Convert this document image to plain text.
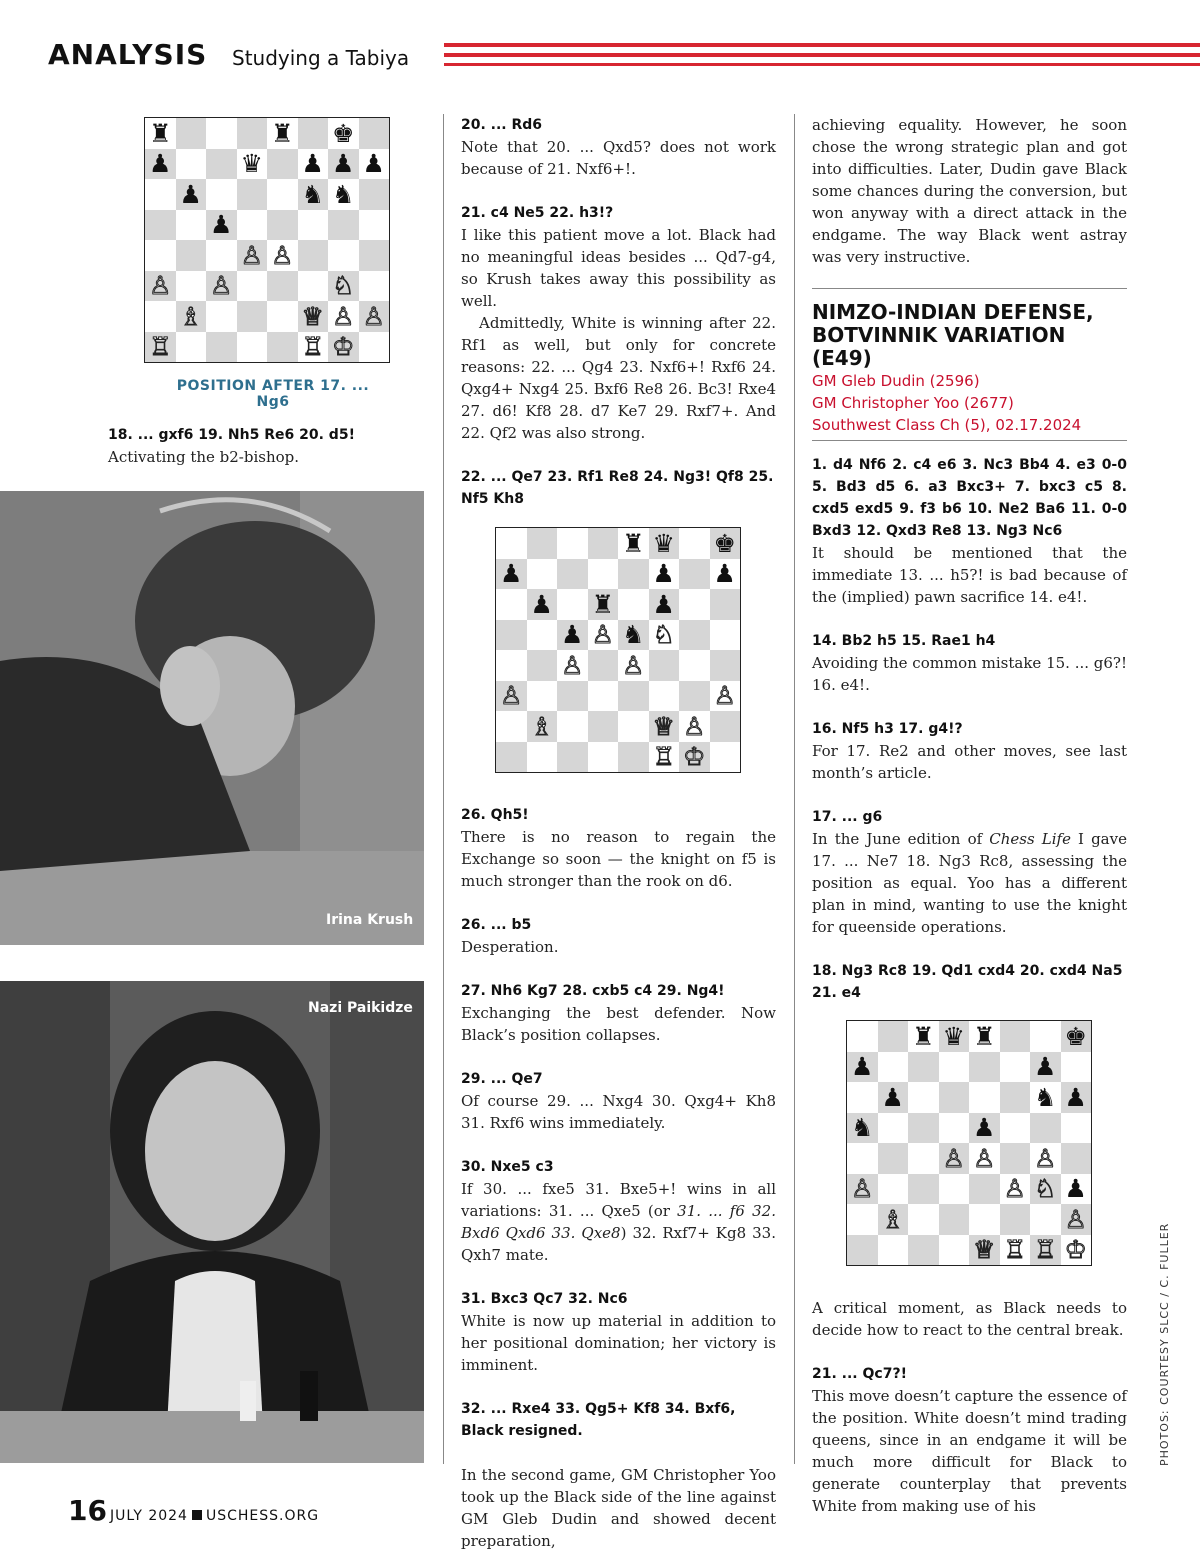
ANALYSIS Studying a Tabiya
♜	♜ ♚
♟	♛ ♟ ♟ ♟
♟	♞ ♞
♟
♙ ♙
♙ ♙	♘
♗	♕ ♙ ♙
♖	♖ ♔
POSITION AFTER 17. ... Ng6
18. ... gxf6 19. Nh5 Re6 20. d5!
Activating the b2-bishop.
Irina Krush
Nazi Paikidze

20. ... Rd6
Note that 20. ... Qxd5? does not work because of 21. Nxf6+!.

21. c4 Ne5 22. h3!?
I like this patient move a lot. Black had no meaningful ideas besides ... Qd7-g4, so Krush takes away this possibility as well.

Admittedly, White is winning after 22. Rf1 as well, but only for concrete reasons: 22. ... Qg4 23. Nxf6+! Rxf6 24. Qxg4+ Nxg4 25. Bxf6 Re8 26. Bc3! Rxe4 27. d6! Kf8 28. d7 Ke7 29. Rxf7+. And 22. Qf2 was also strong.

22. ... Qe7 23. Rf1 Re8 24. Ng3! Qf8 25. Nf5 Kh8

♜ ♛ ♚
♟	♟ ♟
♟ ♜ ♟
♟ ♙ ♞ ♘
♙ ♙
♙	♙
♗	♕ ♙
♖ ♔

26. Qh5!
There is no reason to regain the Exchange so soon — the knight on f5 is much stronger than the rook on d6.

26. ... b5
Desperation.

27. Nh6 Kg7 28. cxb5 c4 29. Ng4!
Exchanging the best defender. Now Black’s position collapses.

29. ... Qe7
Of course 29. ... Nxg4 30. Qxg4+ Kh8 31. Rxf6 wins immediately.

30. Nxe5 c3
If 30. ... fxe5 31. Bxe5+! wins in all variations: 31. ... Qxe5 (or 31. ... f6 32. Bxd6 Qxd6 33. Qxe8) 32. Rxf7+ Kg8 33. Qxh7 mate.

31. Bxc3 Qc7 32. Nc6
White is now up material in addition to her positional domination; her victory is imminent.

32. ... Rxe4 33. Qg5+ Kf8 34. Bxf6, Black resigned.

In the second game, GM Christopher Yoo took up the Black side of the line against GM Gleb Dudin and showed decent preparation,

achieving equality. However, he soon chose the wrong strategic plan and got into difficulties. Later, Dudin gave Black some chances during the conversion, but won anyway with a direct attack in the endgame. The way Black went astray was very instructive.

NIMZO-INDIAN DEFENSE,
BOTVINNIK VARIATION (E49)
GM Gleb Dudin (2596)
GM Christopher Yoo (2677)
Southwest Class Ch (5), 02.17.2024

1. d4 Nf6 2. c4 e6 3. Nc3 Bb4 4. e3 0-0 5. Bd3 d5 6. a3 Bxc3+ 7. bxc3 c5 8. cxd5 exd5 9. f3 b6 10. Ne2 Ba6 11. 0-0 Bxd3 12. Qxd3 Re8 13. Ng3 Nc6
It should be mentioned that the immediate 13. ... h5?! is bad because of the (implied) pawn sacrifice 14. e4!.

14. Bb2 h5 15. Rae1 h4
Avoiding the common mistake 15. ... g6?! 16. e4!.

16. Nf5 h3 17. g4!?
For 17. Re2 and other moves, see last month’s article.

17. ... g6
In the June edition of Chess Life I gave 17. ... Ne7 18. Ng3 Rc8, assessing the position as equal. Yoo has a different plan in mind, wanting to use the knight for queenside operations.

18. Ng3 Rc8 19. Qd1 cxd4 20. cxd4 Na5 21. e4

♜ ♛ ♜	♚
♟	♟
♟	♞ ♟
♞	♟
♙ ♙ ♙
♙	♙ ♘ ♟
♗	♙
♕ ♖ ♖ ♔

A critical moment, as Black needs to decide how to react to the central break.

21. ... Qc7?!
This move doesn’t capture the essence of the position. White doesn’t mind trading queens, since in an endgame it will be much more difficult for Black to generate counterplay that prevents White from making use of his

16 JULY 2024 USCHESS.ORG
PHOTOS: COURTESY SLCC / C. FULLER
